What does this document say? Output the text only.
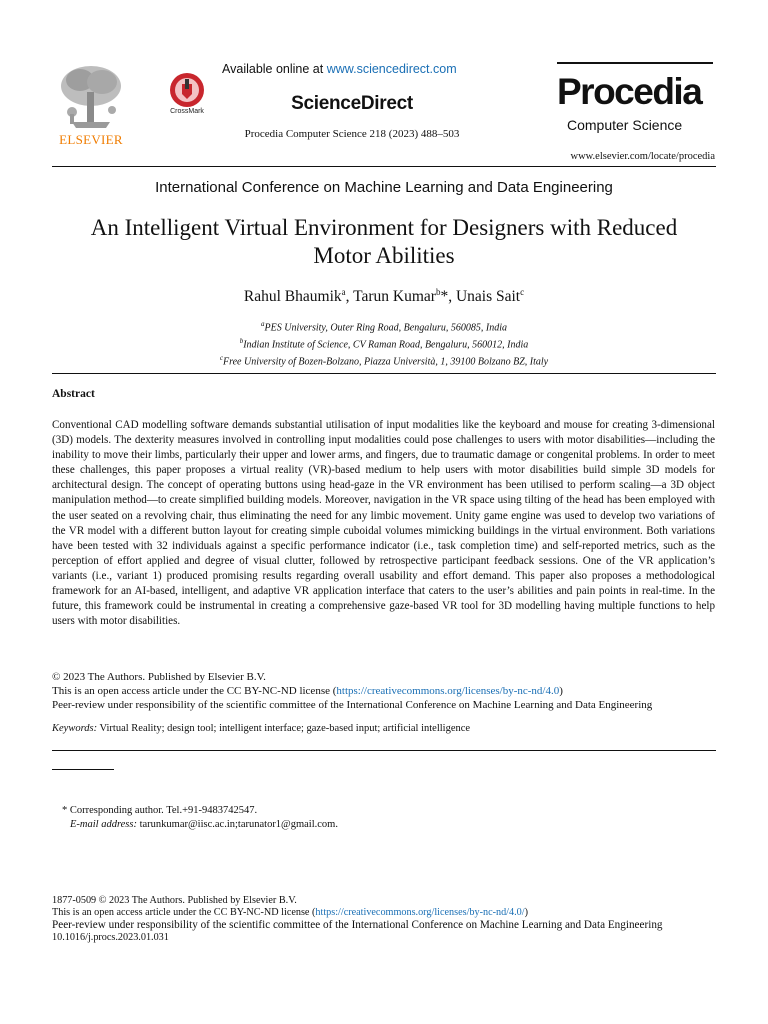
ELSEVIER
CrossMark
Available online at www.sciencedirect.com
ScienceDirect
Procedia Computer Science 218 (2023) 488–503
Procedia
Computer Science
www.elsevier.com/locate/procedia
International Conference on Machine Learning and Data Engineering
An Intelligent Virtual Environment for Designers with Reduced
Motor Abilities
Rahul Bhaumik$^a$, Tarun Kumar$^b$*, Unais Sait$^c$
$^a$PES University, Outer Ring Road, Bengaluru, 560085, India
$^b$Indian Institute of Science, CV Raman Road, Bengaluru, 560012, India
$^c$Free University of Bozen-Bolzano, Piazza Università, 1, 39100 Bolzano BZ, Italy
Abstract
Conventional CAD modelling software demands substantial utilisation of input modalities like the keyboard and mouse for creating 3-dimensional (3D) models. The dexterity measures involved in controlling input modalities could pose challenges to users with motor disabilities—including the inability to move their limbs, particularly their upper and lower arms, and fingers, due to traumatic damage or congenital problems. In order to meet these challenges, this paper proposes a virtual reality (VR)-based medium to help users with motor disabilities build simple 3D models for architectural design. The concept of operating buttons using head-gaze in the VR environment has been utilised to perform scaling—a 3D object manipulation method—to create simplified building models. Moreover, navigation in the VR space using tilting of the head has been employed with the user seated on a revolving chair, thus eliminating the need for any limbic movement. Unity game engine was used to develop two variations of the VR model with a different button layout for creating simple cuboidal volumes mimicking buildings in the virtual environment. Both variations have been tested with 32 individuals against a specific performance indicator (i.e., task completion time) and self-reported metrics, such as the perception of effort applied and degree of visual clutter, followed by retrospective participant feedback sessions. One of the VR application’s variants (i.e., variant 1) produced promising results regarding overall usability and effort demand. This paper also proposes a methodological framework for an AI-based, intelligent, and adaptive VR application interface that caters to the user’s abilities and pain points in real-time. In the future, this framework could be instrumental in creating a comprehensive gaze-based VR tool for 3D modelling having multiple functions to help users with motor disabilities.
© 2023 The Authors. Published by Elsevier B.V.
This is an open access article under the CC BY-NC-ND license (https://creativecommons.org/licenses/by-nc-nd/4.0)
Peer-review under responsibility of the scientific committee of the International Conference on Machine Learning and Data Engineering
Keywords: Virtual Reality; design tool; intelligent interface; gaze-based input; artificial intelligence
* Corresponding author. Tel.+91-9483742547.
E-mail address: tarunkumar@iisc.ac.in;tarunator1@gmail.com.
1877-0509 © 2023 The Authors. Published by Elsevier B.V.
This is an open access article under the CC BY-NC-ND license (https://creativecommons.org/licenses/by-nc-nd/4.0/)
Peer-review under responsibility of the scientific committee of the International Conference on Machine Learning and Data Engineering
10.1016/j.procs.2023.01.031
